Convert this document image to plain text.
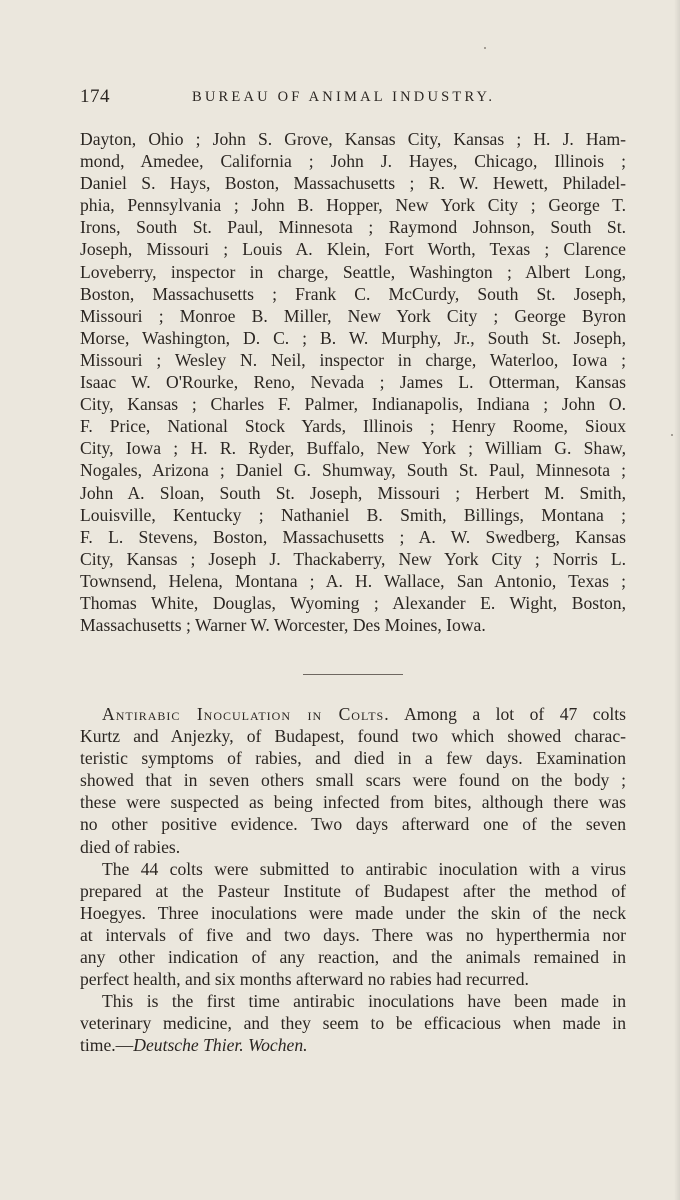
174	BUREAU OF ANIMAL INDUSTRY.
Dayton, Ohio ; John S. Grove, Kansas City, Kansas ; H. J. Ham-
mond, Amedee, California ; John J. Hayes, Chicago, Illinois ;
Daniel S. Hays, Boston, Massachusetts ; R. W. Hewett, Philadel-
phia, Pennsylvania ; John B. Hopper, New York City ; George T.
Irons, South St. Paul, Minnesota ; Raymond Johnson, South St.
Joseph, Missouri ; Louis A. Klein, Fort Worth, Texas ; Clarence
Loveberry, inspector in charge, Seattle, Washington ; Albert Long,
Boston, Massachusetts ; Frank C. McCurdy, South St. Joseph,
Missouri ; Monroe B. Miller, New York City ; George Byron
Morse, Washington, D. C. ; B. W. Murphy, Jr., South St. Joseph,
Missouri ; Wesley N. Neil, inspector in charge, Waterloo, Iowa ;
Isaac W. O'Rourke, Reno, Nevada ; James L. Otterman, Kansas
City, Kansas ; Charles F. Palmer, Indianapolis, Indiana ; John O.
F. Price, National Stock Yards, Illinois ; Henry Roome, Sioux
City, Iowa ; H. R. Ryder, Buffalo, New York ; William G. Shaw,
Nogales, Arizona ; Daniel G. Shumway, South St. Paul, Minnesota ;
John A. Sloan, South St. Joseph, Missouri ; Herbert M. Smith,
Louisville, Kentucky ; Nathaniel B. Smith, Billings, Montana ;
F. L. Stevens, Boston, Massachusetts ; A. W. Swedberg, Kansas
City, Kansas ; Joseph J. Thackaberry, New York City ; Norris L.
Townsend, Helena, Montana ; A. H. Wallace, San Antonio, Texas ;
Thomas White, Douglas, Wyoming ; Alexander E. Wight, Boston,
Massachusetts ; Warner W. Worcester, Des Moines, Iowa.
Antirabic Inoculation in Colts. Among a lot of 47 colts
Kurtz and Anjezky, of Budapest, found two which showed charac-
teristic symptoms of rabies, and died in a few days. Examination
showed that in seven others small scars were found on the body ;
these were suspected as being infected from bites, although there was
no other positive evidence. Two days afterward one of the seven
died of rabies.
The 44 colts were submitted to antirabic inoculation with a virus
prepared at the Pasteur Institute of Budapest after the method of
Hoegyes. Three inoculations were made under the skin of the neck
at intervals of five and two days. There was no hyperthermia nor
any other indication of any reaction, and the animals remained in
perfect health, and six months afterward no rabies had recurred.
This is the first time antirabic inoculations have been made in
veterinary medicine, and they seem to be efficacious when made in
time.—Deutsche Thier. Wochen.
